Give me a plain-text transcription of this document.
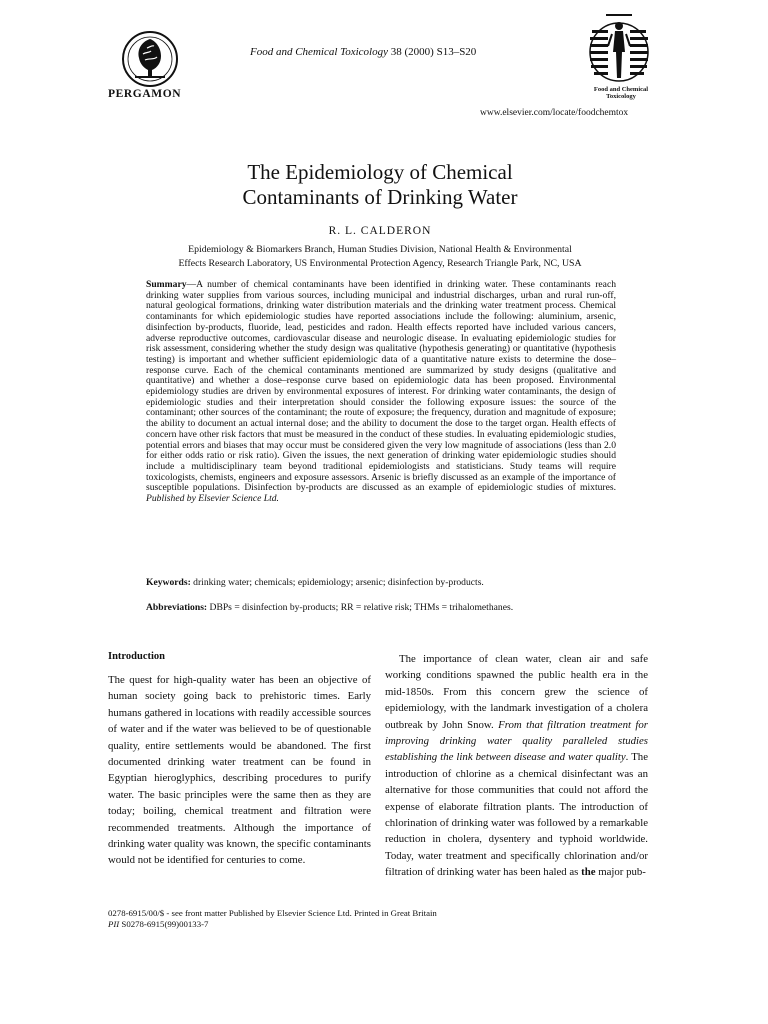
PERGAMON
Food and Chemical Toxicology 38 (2000) S13–S20
Food and Chemical Toxicology
www.elsevier.com/locate/foodchemtox
The Epidemiology of Chemical
Contaminants of Drinking Water
R. L. CALDERON
Epidemiology & Biomarkers Branch, Human Studies Division, National Health & Environmental
Effects Research Laboratory, US Environmental Protection Agency, Research Triangle Park, NC, USA
Summary—A number of chemical contaminants have been identified in drinking water. These contaminants reach drinking water supplies from various sources, including municipal and industrial discharges, urban and rural run-off, natural geological formations, drinking water distribution materials and the drinking water treatment process. Chemical contaminants for which epidemiologic studies have reported associations include the following: aluminium, arsenic, disinfection by-products, fluoride, lead, pesticides and radon. Health effects reported have included various cancers, adverse reproductive outcomes, cardiovascular disease and neurologic disease. In evaluating epidemiologic studies for risk assessment, considering whether the study design was qualitative (hypothesis generating) or quantitative (hypothesis testing) is important and whether sufficient epidemiologic data of a quantitative nature exists to determine the dose–response curve. Each of the chemical contaminants mentioned are summarized by study designs (qualitative and quantitative) and whether a dose–response curve based on epidemiologic data has been proposed. Environmental epidemiology studies are driven by environmental exposures of interest. For drinking water contaminants, the design of epidemiologic studies and their interpretation should consider the following exposure issues: the source of the contaminant; other sources of the contaminant; the route of exposure; the frequency, duration and magnitude of exposure; the ability to document an actual internal dose; and the ability to document the dose to the target organ. Health effects of concern have other risk factors that must be measured in the conduct of these studies. In evaluating epidemiologic studies, potential errors and biases that may occur must be considered given the very low magnitude of associations (less than 2.0 for either odds ratio or risk ratio). Given the issues, the next generation of drinking water epidemiologic studies should include a multidisciplinary team beyond traditional epidemiologists and statisticians. Study teams will require toxicologists, chemists, engineers and exposure assessors. Arsenic is briefly discussed as an example of the importance of susceptible populations. Disinfection by-products are discussed as an example of epidemiologic studies of mixtures. Published by Elsevier Science Ltd.
Keywords: drinking water; chemicals; epidemiology; arsenic; disinfection by-products.
Abbreviations: DBPs = disinfection by-products; RR = relative risk; THMs = trihalomethanes.
Introduction
The quest for high-quality water has been an objective of human society going back to prehistoric times. Early humans gathered in locations with readily accessible sources of water and if the water was believed to be of questionable quality, entire settlements would be abandoned. The first documented drinking water treatment can be found in Egyptian hieroglyphics, describing procedures to purify water. The basic principles were the same then as they are today; boiling, chemical treatment and filtration were recommended treatments. Although the importance of drinking water quality was known, the specific contaminants would not be identified for centuries to come.
The importance of clean water, clean air and safe working conditions spawned the public health era in the mid-1850s. From this concern grew the science of epidemiology, with the landmark investigation of a cholera outbreak by John Snow. From that filtration treatment for improving drinking water quality paralleled studies establishing the link between disease and water quality. The introduction of chlorine as a chemical disinfectant was an alternative for those communities that could not afford the expense of elaborate filtration plants. The introduction of chlorination of drinking water was followed by a remarkable reduction in cholera, dysentery and typhoid worldwide. Today, water treatment and specifically chlorination and/or filtration of drinking water has been haled as the major pub-
0278-6915/00/$ - see front matter Published by Elsevier Science Ltd. Printed in Great Britain
PII S0278-6915(99)00133-7
